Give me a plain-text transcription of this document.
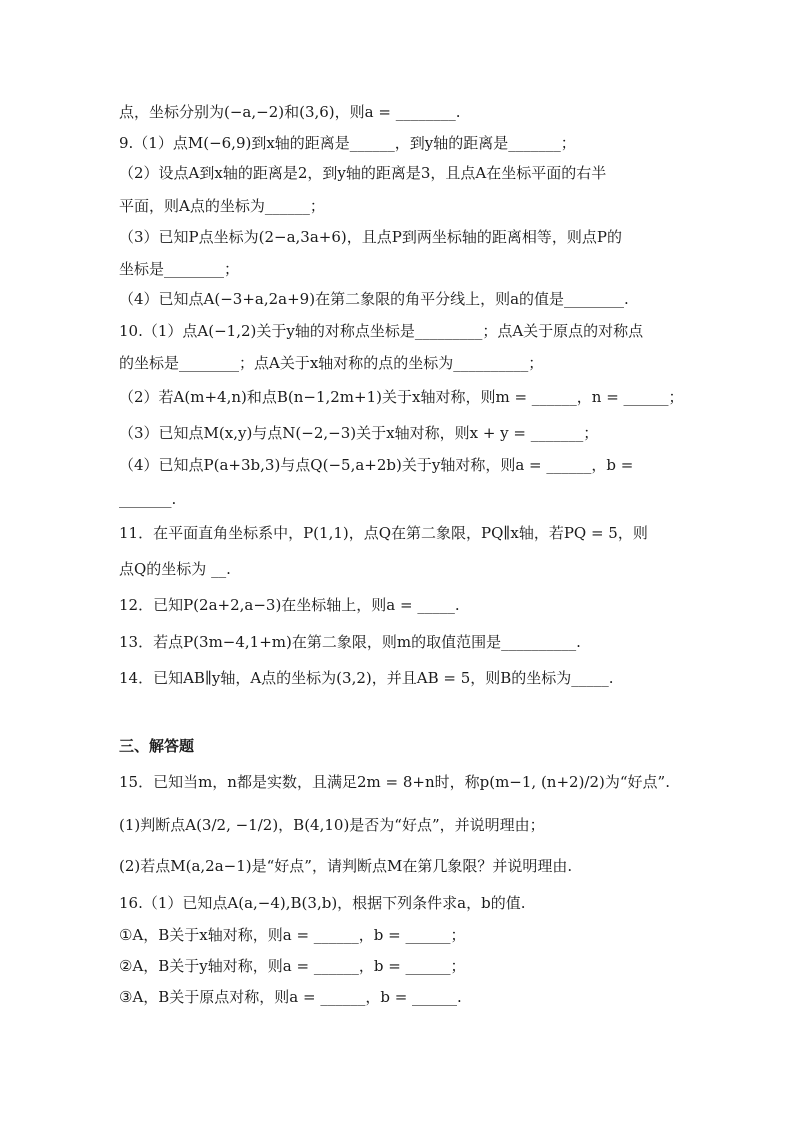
点，坐标分别为(−a,−2)和(3,6)，则a = ________.
9.（1）点M(−6,9)到x轴的距离是______，到y轴的距离是_______；
（2）设点A到x轴的距离是2，到y轴的距离是3，且点A在坐标平面的右半
平面，则A点的坐标为______；
（3）已知P点坐标为(2−a,3a+6)，且点P到两坐标轴的距离相等，则点P的
坐标是________；
（4）已知点A(−3+a,2a+9)在第二象限的角平分线上，则a的值是________.
10.（1）点A(−1,2)关于y轴的对称点坐标是_________；点A关于原点的对称点
的坐标是________；点A关于x轴对称的点的坐标为__________；
（2）若A(m+4,n)和点B(n−1,2m+1)关于x轴对称，则m = ______，n = ______；
（3）已知点M(x,y)与点N(−2,−3)关于x轴对称，则x + y = _______；
（4）已知点P(a+3b,3)与点Q(−5,a+2b)关于y轴对称，则a = ______，b =
_______.
11．在平面直角坐标系中，P(1,1)，点Q在第二象限，PQ∥x轴，若PQ = 5，则
点Q的坐标为 __.
12．已知P(2a+2,a−3)在坐标轴上，则a = _____.
13．若点P(3m−4,1+m)在第二象限，则m的取值范围是__________.
14．已知AB∥y轴，A点的坐标为(3,2)，并且AB = 5，则B的坐标为_____.
三、解答题
15．已知当m，n都是实数，且满足2m = 8+n时，称p(m−1, (n+2)/2)为“好点”.
(1)判断点A(3/2, −1/2)，B(4,10)是否为“好点”，并说明理由；
(2)若点M(a,2a−1)是“好点”，请判断点M在第几象限？并说明理由.
16.（1）已知点A(a,−4),B(3,b)，根据下列条件求a，b的值.
①A，B关于x轴对称，则a = ______，b = ______；
②A，B关于y轴对称，则a = ______，b = ______；
③A，B关于原点对称，则a = ______，b = ______.
